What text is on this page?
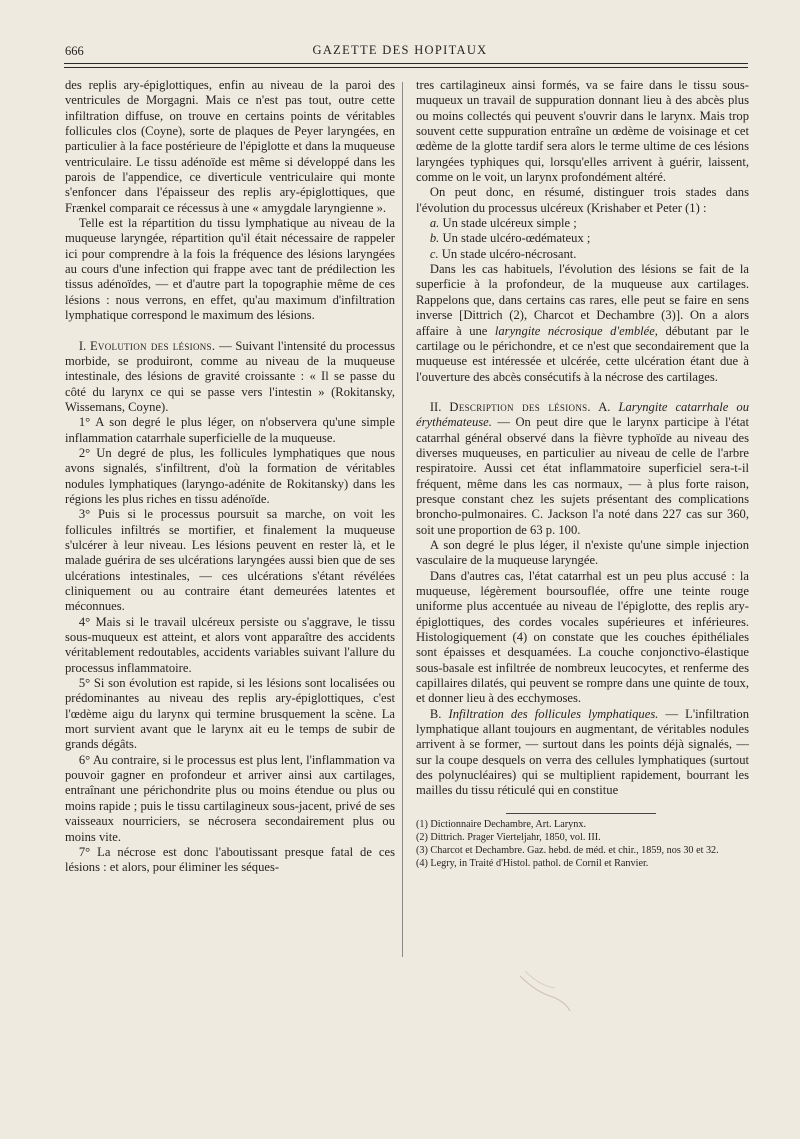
666	GAZETTE DES HOPITAUX

des replis ary-épiglottiques, enfin au niveau de la paroi des ventricules de Morgagni. Mais ce n'est pas tout, outre cette infiltration diffuse, on trouve en certains points de véritables follicules clos (Coyne), sorte de plaques de Peyer laryngées, en particulier à la face postérieure de l'épiglotte et dans la muqueuse ventriculaire. Le tissu adénoïde est même si développé dans les parois de l'appendice, ce diverticule ventriculaire qui monte s'enfoncer dans l'épaisseur des replis ary-épiglottiques, que Frænkel comparait ce récessus à une « amygdale laryngienne ».

Telle est la répartition du tissu lymphatique au niveau de la muqueuse laryngée, répartition qu'il était nécessaire de rappeler ici pour comprendre à la fois la fréquence des lésions laryngées au cours d'une infection qui frappe avec tant de prédilection les tissus adénoïdes, — et d'autre part la topographie même de ces lésions : nous verrons, en effet, qu'au maximum d'infiltration lymphatique correspond le maximum des lésions.

I. Evolution des lésions. — Suivant l'intensité du processus morbide, se produiront, comme au niveau de la muqueuse intestinale, des lésions de gravité croissante : « Il se passe du côté du larynx ce qui se passe vers l'intestin » (Rokitansky, Wissemans, Coyne).

1° A son degré le plus léger, on n'observera qu'une simple inflammation catarrhale superficielle de la muqueuse.

2° Un degré de plus, les follicules lymphatiques que nous avons signalés, s'infiltrent, d'où la formation de véritables nodules lymphatiques (laryngo-adénite de Rokitansky) dans les régions les plus riches en tissu adénoïde.

3° Puis si le processus poursuit sa marche, on voit les follicules infiltrés se mortifier, et finalement la muqueuse s'ulcérer à leur niveau. Les lésions peuvent en rester là, et le malade guérira de ses ulcérations laryngées aussi bien que de ses ulcérations intestinales, — ces ulcérations s'étant révélées cliniquement ou au contraire étant demeurées latentes et méconnues.

4° Mais si le travail ulcéreux persiste ou s'aggrave, le tissu sous-muqueux est atteint, et alors vont apparaître des accidents véritablement redoutables, accidents variables suivant l'allure du processus inflammatoire.

5° Si son évolution est rapide, si les lésions sont localisées ou prédominantes au niveau des replis ary-épiglottiques, c'est l'œdème aigu du larynx qui termine brusquement la scène. La mort survient avant que le larynx ait eu le temps de subir de grands dégâts.

6° Au contraire, si le processus est plus lent, l'inflammation va pouvoir gagner en profondeur et arriver ainsi aux cartilages, entraînant une périchondrite plus ou moins étendue ou plus ou moins rapide ; puis le tissu cartilagineux sous-jacent, privé de ses vaisseaux nourriciers, se nécrosera secondairement plus ou moins vite.

7° La nécrose est donc l'aboutissant presque fatal de ces lésions : et alors, pour éliminer les séques-

tres cartilagineux ainsi formés, va se faire dans le tissu sous-muqueux un travail de suppuration donnant lieu à des abcès plus ou moins collectés qui peuvent s'ouvrir dans le larynx. Mais trop souvent cette suppuration entraîne un œdème de voisinage et cet œdème de la glotte tardif sera alors le terme ultime de ces lésions laryngées typhiques qui, lorsqu'elles arrivent à guérir, laissent, comme on le voit, un larynx profondément altéré.

On peut donc, en résumé, distinguer trois stades dans l'évolution du processus ulcéreux (Krishaber et Peter (1) :

a. Un stade ulcéreux simple ;

b. Un stade ulcéro-œdémateux ;

c. Un stade ulcéro-nécrosant.

Dans les cas habituels, l'évolution des lésions se fait de la superficie à la profondeur, de la muqueuse aux cartilages. Rappelons que, dans certains cas rares, elle peut se faire en sens inverse [Dittrich (2), Charcot et Dechambre (3)]. On a alors affaire à une laryngite nécrosique d'emblée, débutant par le cartilage ou le périchondre, et ce n'est que secondairement que la muqueuse est intéressée et ulcérée, cette ulcération étant due à l'ouverture des abcès consécutifs à la nécrose des cartilages.

II. Description des lésions. A. Laryngite catarrhale ou érythémateuse. — On peut dire que le larynx participe à l'état catarrhal général observé dans la fièvre typhoïde au niveau des diverses muqueuses, en particulier au niveau de celle de l'arbre respiratoire. Aussi cet état inflammatoire superficiel sera-t-il fréquent, même dans les cas normaux, — à plus forte raison, presque constant chez les sujets présentant des complications broncho-pulmonaires. C. Jackson l'a noté dans 227 cas sur 360, soit une proportion de 63 p. 100.

A son degré le plus léger, il n'existe qu'une simple injection vasculaire de la muqueuse laryngée.

Dans d'autres cas, l'état catarrhal est un peu plus accusé : la muqueuse, légèrement boursouflée, offre une teinte rouge uniforme plus accentuée au niveau de l'épiglotte, des replis ary-épiglottiques, des cordes vocales supérieures et inférieures. Histologiquement (4) on constate que les couches épithéliales sont épaisses et desquamées. La couche conjonctivo-élastique sous-basale est infiltrée de nombreux leucocytes, et renferme des capillaires dilatés, qui peuvent se rompre dans une quinte de toux, et donner lieu à des ecchymoses.

B. Infiltration des follicules lymphatiques. — L'infiltration lymphatique allant toujours en augmentant, de véritables nodules arrivent à se former, — surtout dans les points déjà signalés, — sur la coupe desquels on verra des cellules lymphatiques (surtout des polynucléaires) qui se multiplient rapidement, bourrant les mailles du tissu réticulé qui en constitue

(1) Dictionnaire Dechambre, Art. Larynx.

(2) Dittrich. Prager Vierteljahr, 1850, vol. III.

(3) Charcot et Dechambre. Gaz. hebd. de méd. et chir., 1859, nos 30 et 32.

(4) Legry, in Traité d'Histol. pathol. de Cornil et Ranvier.
